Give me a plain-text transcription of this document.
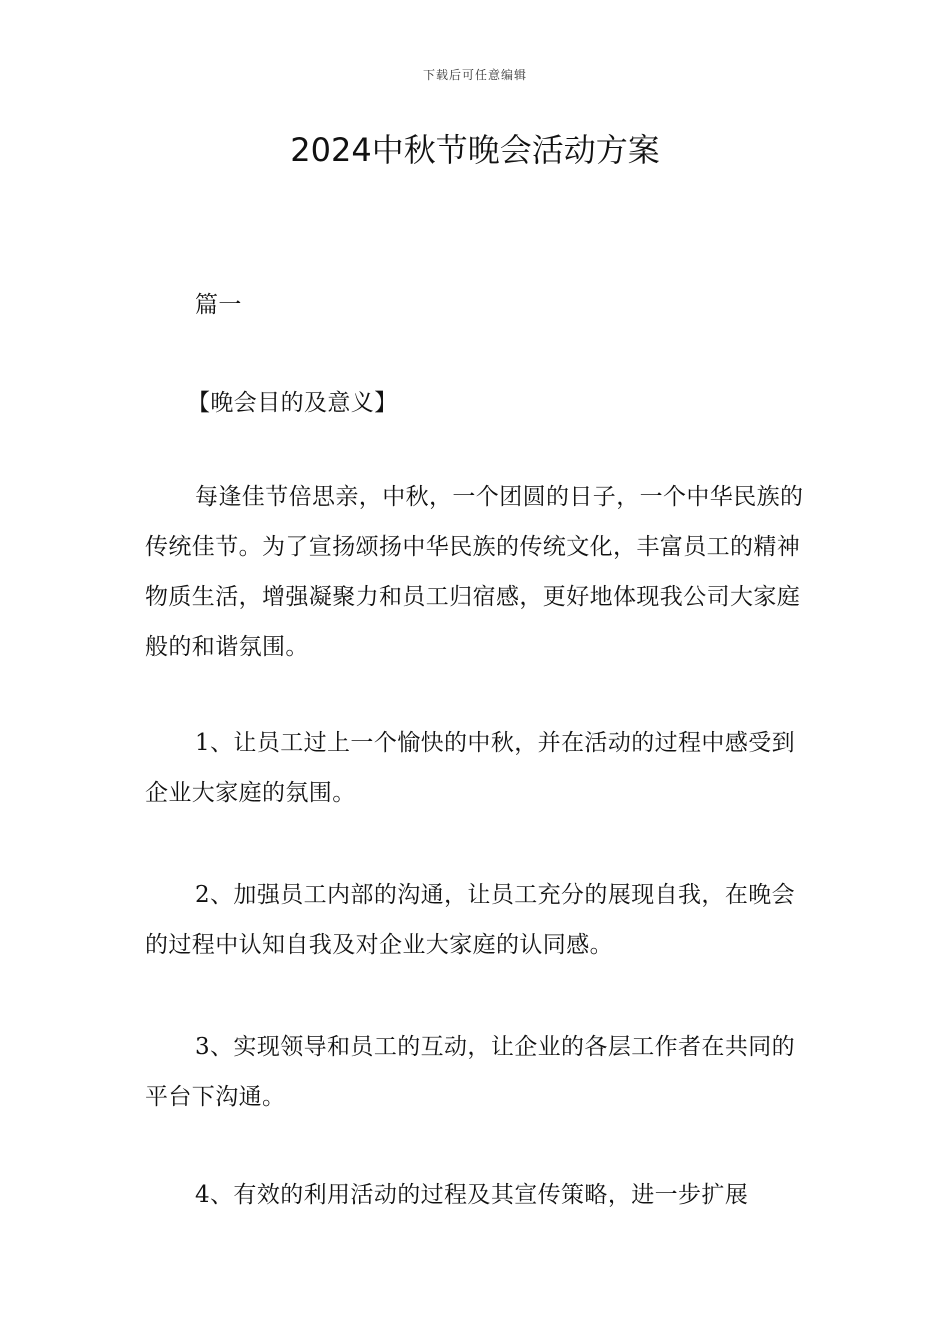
下载后可任意编辑
2024中秋节晚会活动方案

篇一

【晚会目的及意义】

每逢佳节倍思亲，中秋，一个团圆的日子，一个中华民族的传统佳节。为了宣扬颂扬中华民族的传统文化，丰富员工的精神物质生活，增强凝聚力和员工归宿感，更好地体现我公司大家庭般的和谐氛围。

1、让员工过上一个愉快的中秋，并在活动的过程中感受到企业大家庭的氛围。

2、加强员工内部的沟通，让员工充分的展现自我，在晚会的过程中认知自我及对企业大家庭的认同感。

3、实现领导和员工的互动，让企业的各层工作者在共同的平台下沟通。

4、有效的利用活动的过程及其宣传策略，进一步扩展
